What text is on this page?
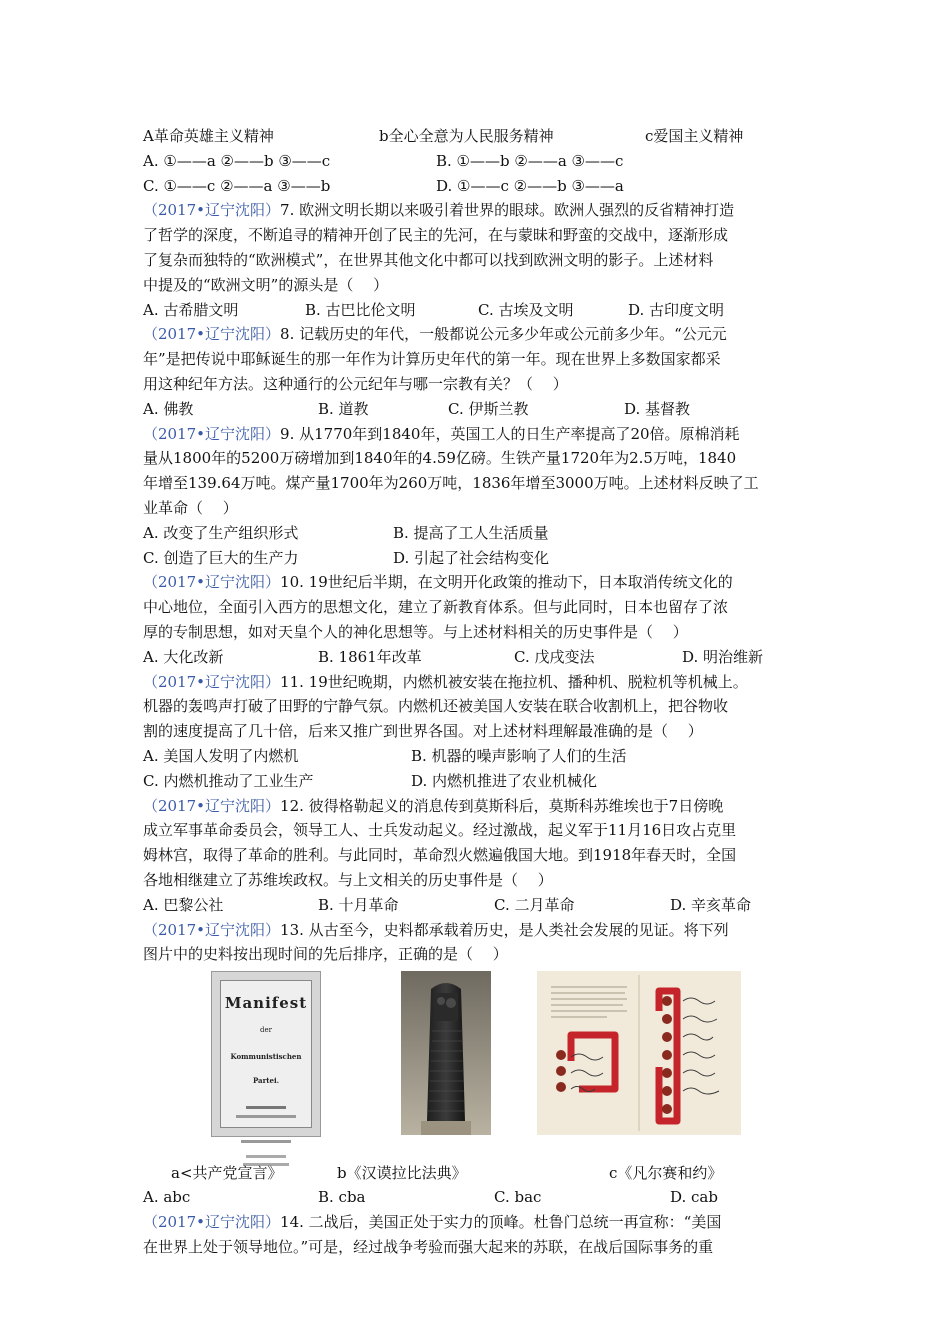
A革命英雄主义精神	b全心全意为人民服务精神	c爱国主义精神
A. ①——a ②——b ③——c	B. ①——b ②——a ③——c
C. ①——c ②——a ③——b	D. ①——c ②——b ③——a
（2017•辽宁沈阳） 7. 欧洲文明长期以来吸引着世界的眼球。欧洲人强烈的反省精神打造
了哲学的深度，不断追寻的精神开创了民主的先河，在与蒙昧和野蛮的交战中，逐渐形成
了复杂而独特的“欧洲模式”，在世界其他文化中都可以找到欧洲文明的影子。上述材料
中提及的“欧洲文明”的源头是（　 ）
A. 古希腊文明	B. 古巴比伦文明	C. 古埃及文明	D. 古印度文明
（2017•辽宁沈阳） 8. 记载历史的年代，一般都说公元多少年或公元前多少年。“公元元
年”是把传说中耶稣诞生的那一年作为计算历史年代的第一年。现在世界上多数国家都采
用这种纪年方法。这种通行的公元纪年与哪一宗教有关？（　 ）
A. 佛教	B. 道教	C. 伊斯兰教	D. 基督教
（2017•辽宁沈阳） 9. 从1770年到1840年，英国工人的日生产率提高了20倍。原棉消耗
量从1800年的5200万磅增加到1840年的4.59亿磅。生铁产量1720年为2.5万吨，1840
年增至139.64万吨。煤产量1700年为260万吨，1836年增至3000万吨。上述材料反映了工
业革命（　 ）
A. 改变了生产组织形式	B. 提高了工人生活质量
C. 创造了巨大的生产力	D. 引起了社会结构变化
（2017•辽宁沈阳） 10. 19世纪后半期，在文明开化政策的推动下，日本取消传统文化的
中心地位，全面引入西方的思想文化，建立了新教育体系。但与此同时，日本也留存了浓
厚的专制思想，如对天皇个人的神化思想等。与上述材料相关的历史事件是（　 ）
A. 大化改新	B. 1861年改革	C. 戊戌变法	D. 明治维新
（2017•辽宁沈阳） 11. 19世纪晚期，内燃机被安装在拖拉机、播种机、脱粒机等机械上。
机器的轰鸣声打破了田野的宁静气氛。内燃机还被美国人安装在联合收割机上，把谷物收
割的速度提高了几十倍，后来又推广到世界各国。对上述材料理解最准确的是（　 ）
A. 美国人发明了内燃机	B. 机器的噪声影响了人们的生活
C. 内燃机推动了工业生产	D. 内燃机推进了农业机械化
（2017•辽宁沈阳） 12. 彼得格勒起义的消息传到莫斯科后，莫斯科苏维埃也于7日傍晚
成立军事革命委员会，领导工人、士兵发动起义。经过激战，起义军于11月16日攻占克里
姆林宫，取得了革命的胜利。与此同时，革命烈火燃遍俄国大地。到1918年春天时，全国
各地相继建立了苏维埃政权。与上文相关的历史事件是（　 ）
A. 巴黎公社	B. 十月革命	C. 二月革命	D. 辛亥革命
（2017•辽宁沈阳） 13. 从古至今，史料都承载着历史，是人类社会发展的见证。将下列
图片中的史料按出现时间的先后排序，正确的是（　 ）
Manifest
der
Kommunistischen Partei.
a<共产党宣言》	b《汉谟拉比法典》	c《凡尔赛和约》
A. abc	B. cba	C. bac	D. cab
（2017•辽宁沈阳） 14. 二战后，美国正处于实力的顶峰。杜鲁门总统一再宣称：“美国
在世界上处于领导地位。”可是，经过战争考验而强大起来的苏联，在战后国际事务的重
